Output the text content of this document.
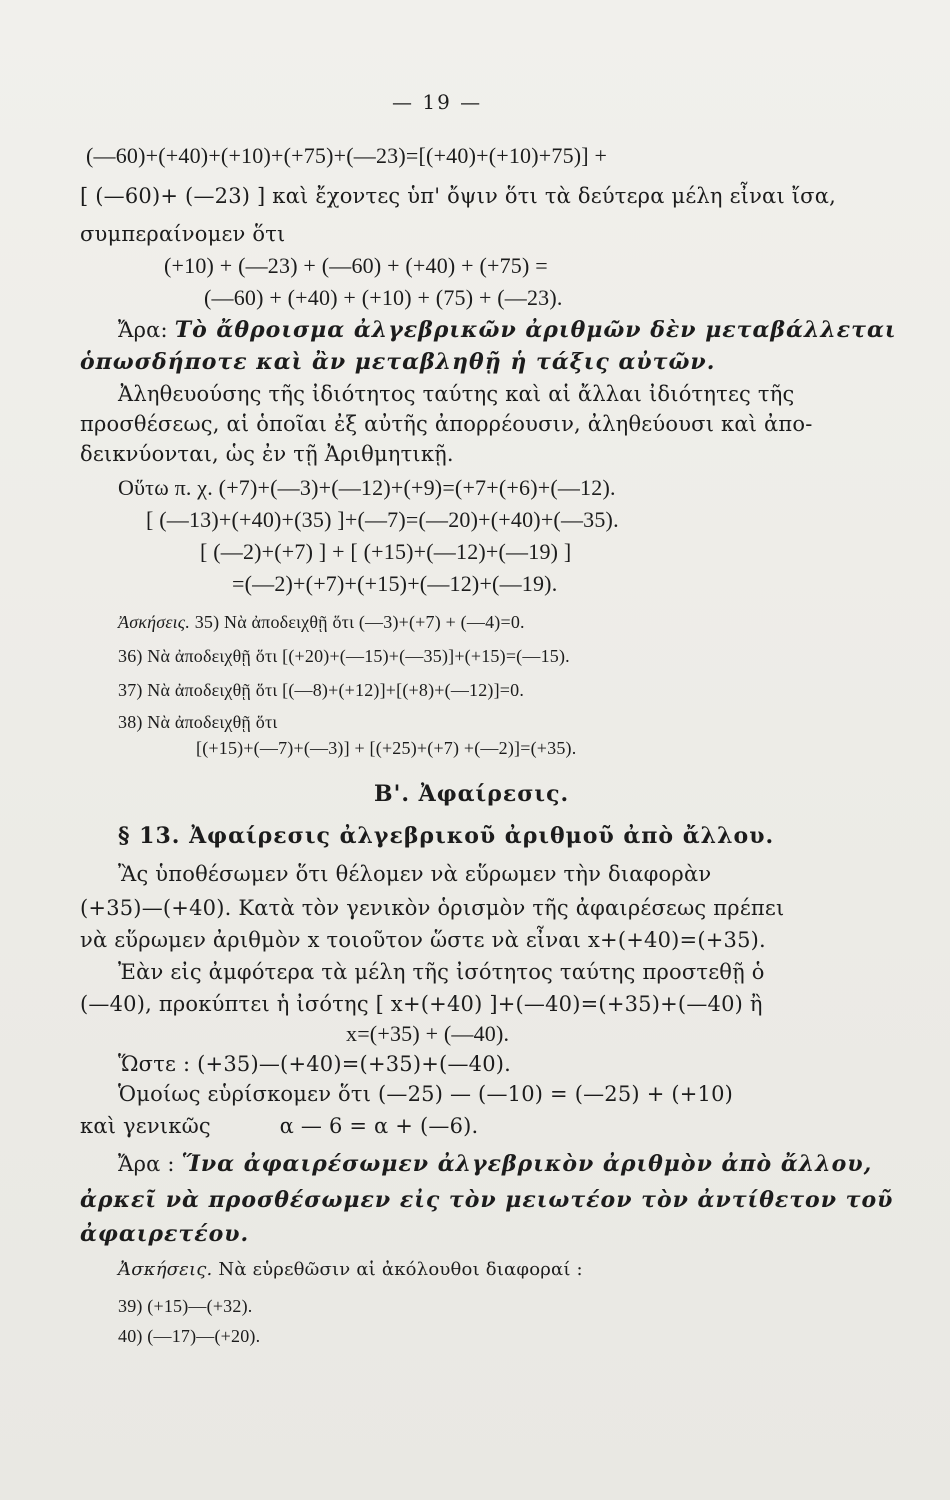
— 19 —
(—60)+(+40)+(+10)+(+75)+(—23)=[(+40)+(+10)+75)] +
[ (—60)+ (—23) ] καὶ ἔχοντες ὑπ' ὄψιν ὅτι τὰ δεύτερα μέλη εἶναι ἴσα,
συμπεραίνομεν ὅτι
(+10) + (—23) + (—60) + (+40) + (+75) =
(—60) + (+40) + (+10) + (75) + (—23).
Ἄρα: Τὸ ἄθροισμα ἀλγεβρικῶν ἀριθμῶν δὲν μεταβάλλεται
ὁπωσδήποτε καὶ ἂν μεταβληθῇ ἡ τάξις αὐτῶν.
Ἀληθευούσης τῆς ἰδιότητος ταύτης καὶ αἱ ἄλλαι ἰδιότητες τῆς
προσθέσεως, αἱ ὁποῖαι ἐξ αὐτῆς ἀπορρέουσιν, ἀληθεύουσι καὶ ἀπο-
δεικνύονται, ὡς ἐν τῇ Ἀριθμητικῇ.
Οὕτω π. χ. (+7)+(—3)+(—12)+(+9)=(+7+(+6)+(—12).
[ (—13)+(+40)+(35) ]+(—7)=(—20)+(+40)+(—35).
[ (—2)+(+7) ] + [ (+15)+(—12)+(—19) ]
=(—2)+(+7)+(+15)+(—12)+(—19).
Ἀσκήσεις. 35) Νὰ ἀποδειχθῇ ὅτι (—3)+(+7) + (—4)=0.
36) Νὰ ἀποδειχθῇ ὅτι [(+20)+(—15)+(—35)]+(+15)=(—15).
37) Νὰ ἀποδειχθῇ ὅτι [(—8)+(+12)]+[(+8)+(—12)]=0.
38) Νὰ ἀποδειχθῇ ὅτι
[(+15)+(—7)+(—3)] + [(+25)+(+7) +(—2)]=(+35).
Β'. Ἀφαίρεσις.
§ 13. Ἀφαίρεσις ἀλγεβρικοῦ ἀριθμοῦ ἀπὸ ἄλλου.
Ἂς ὑποθέσωμεν ὅτι θέλομεν νὰ εὕρωμεν τὴν διαφορὰν
(+35)—(+40). Κατὰ τὸν γενικὸν ὁρισμὸν τῆς ἀφαιρέσεως πρέπει
νὰ εὕρωμεν ἀριθμὸν x τοιοῦτον ὥστε νὰ εἶναι x+(+40)=(+35).
Ἐὰν εἰς ἀμφότερα τὰ μέλη τῆς ἰσότητος ταύτης προστεθῇ ὁ
(—40), προκύπτει ἡ ἰσότης [ x+(+40) ]+(—40)=(+35)+(—40) ἢ
x=(+35) + (—40).
Ὥστε : (+35)—(+40)=(+35)+(—40).
Ὁμοίως εὑρίσκομεν ὅτι (—25) — (—10) = (—25) + (+10)
καὶ γενικῶς          α — 6 = α + (—6).
Ἄρα : Ἵνα ἀφαιρέσωμεν ἀλγεβρικὸν ἀριθμὸν ἀπὸ ἄλλου,
ἀρκεῖ νὰ προσθέσωμεν εἰς τὸν μειωτέον τὸν ἀντίθετον τοῦ
ἀφαιρετέου.
Ἀσκήσεις. Νὰ εὑρεθῶσιν αἱ ἀκόλουθοι διαφοραί :
39) (+15)—(+32).
40) (—17)—(+20).
